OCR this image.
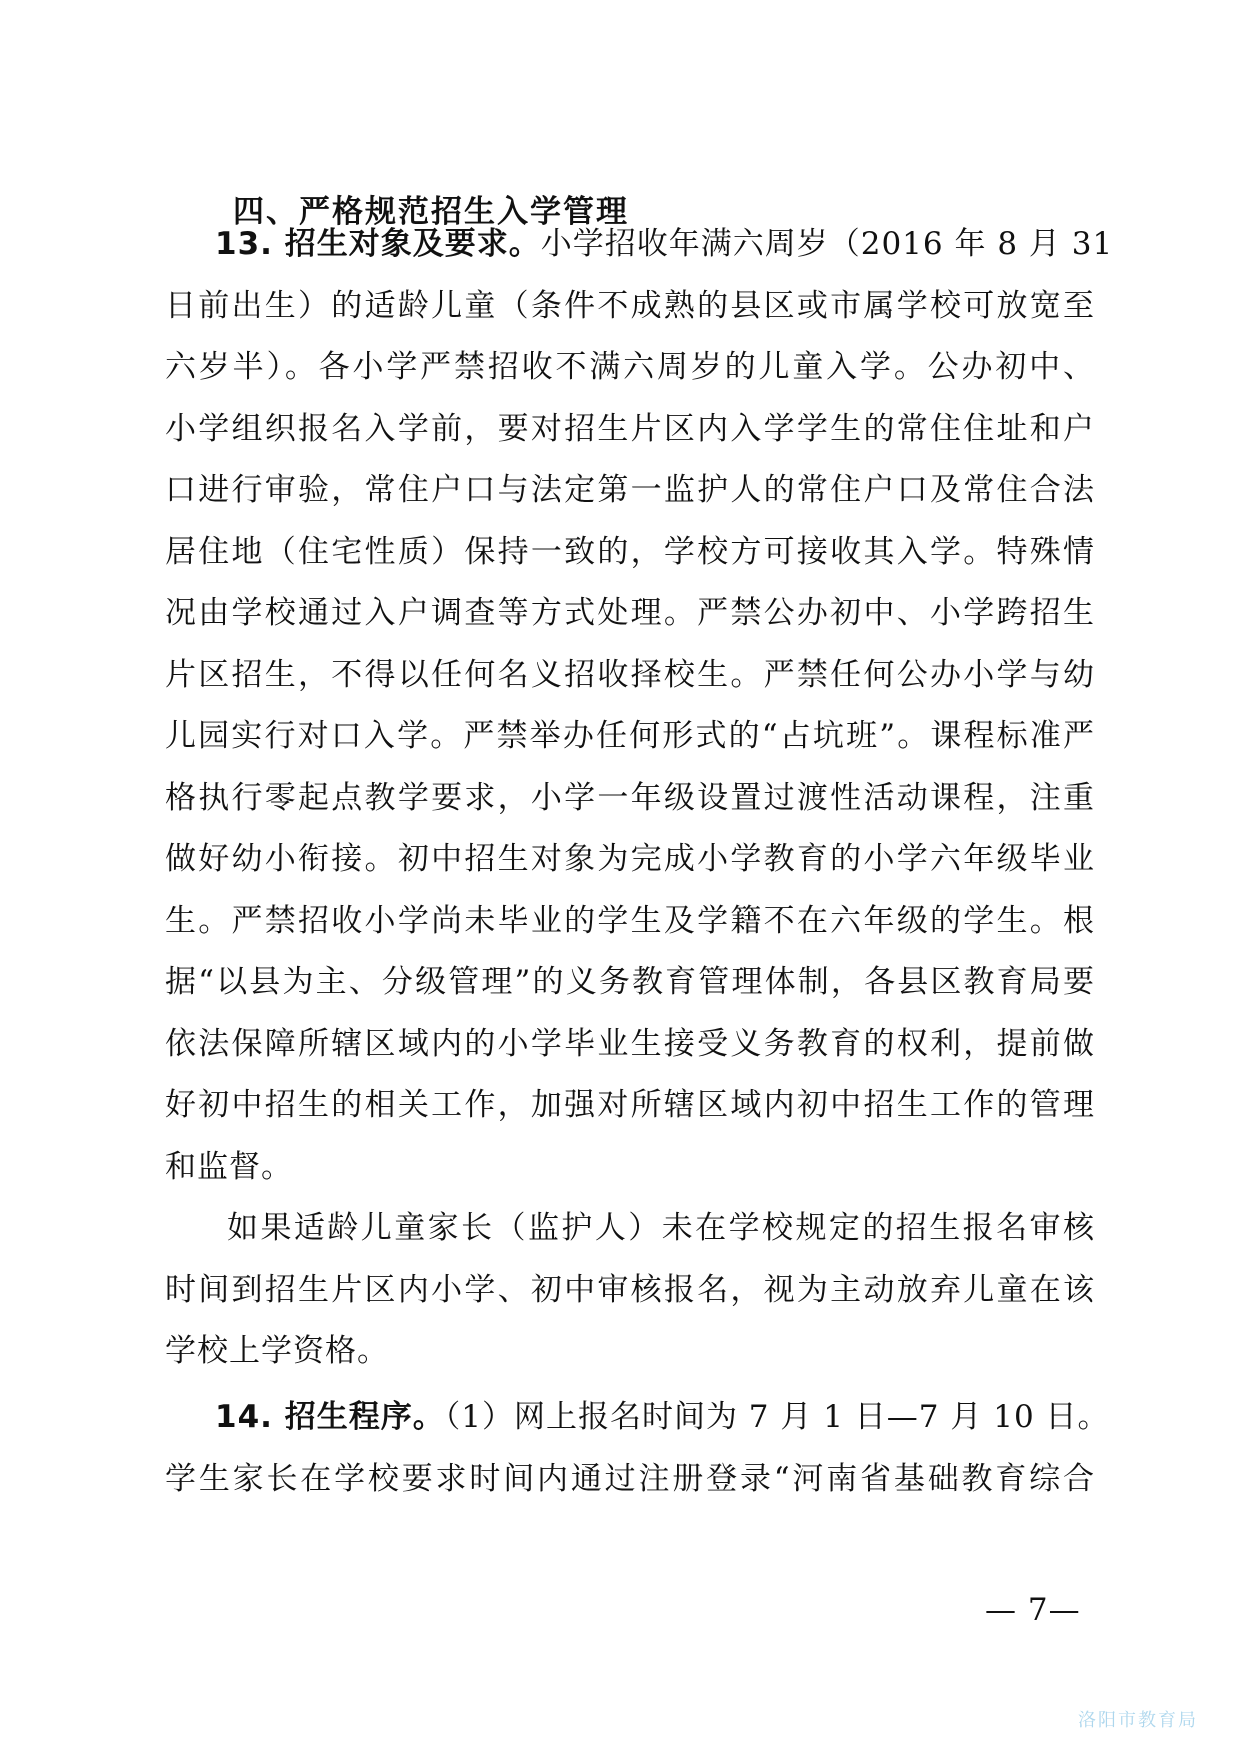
四、严格规范招生入学管理
13. 招生对象及要求。小学招收年满六周岁（2016 年 8 月 31
日前出生）的适龄儿童（条件不成熟的县区或市属学校可放宽至
六岁半）。各小学严禁招收不满六周岁的儿童入学。公办初中、
小学组织报名入学前，要对招生片区内入学学生的常住住址和户
口进行审验，常住户口与法定第一监护人的常住户口及常住合法
居住地（住宅性质）保持一致的，学校方可接收其入学。特殊情
况由学校通过入户调查等方式处理。严禁公办初中、小学跨招生
片区招生，不得以任何名义招收择校生。严禁任何公办小学与幼
儿园实行对口入学。严禁举办任何形式的“占坑班”。课程标准严
格执行零起点教学要求，小学一年级设置过渡性活动课程，注重
做好幼小衔接。初中招生对象为完成小学教育的小学六年级毕业
生。严禁招收小学尚未毕业的学生及学籍不在六年级的学生。根
据“以县为主、分级管理”的义务教育管理体制，各县区教育局要
依法保障所辖区域内的小学毕业生接受义务教育的权利，提前做
好初中招生的相关工作，加强对所辖区域内初中招生工作的管理
和监督。
如果适龄儿童家长（监护人）未在学校规定的招生报名审核
时间到招生片区内小学、初中审核报名，视为主动放弃儿童在该
学校上学资格。
14. 招生程序。（1）网上报名时间为 7 月 1 日—7 月 10 日。
学生家长在学校要求时间内通过注册登录“河南省基础教育综合
— 7—
洛阳市教育局
